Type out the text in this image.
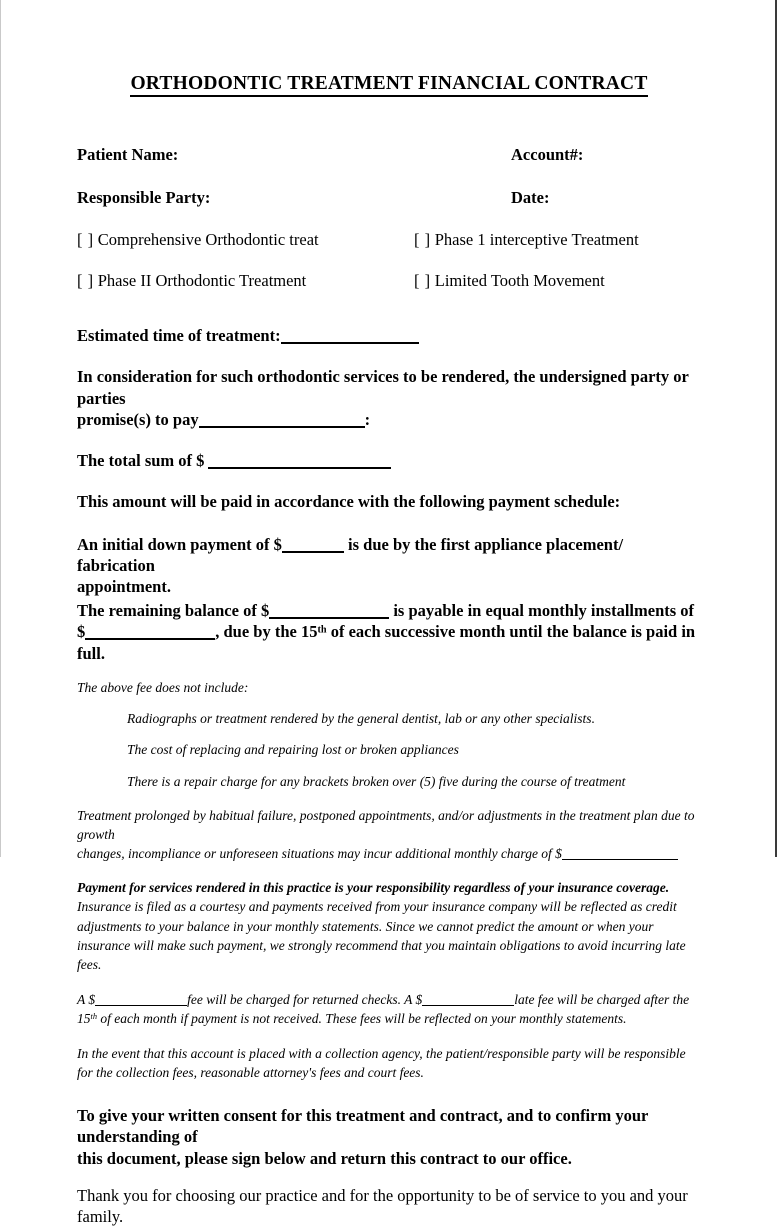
ORTHODONTIC TREATMENT FINANCIAL CONTRACT
Patient Name:	Account#:
Responsible Party:	Date:
[ ] Comprehensive Orthodontic treat	[ ] Phase 1 interceptive Treatment
[ ] Phase II Orthodontic Treatment	[ ] Limited Tooth Movement
Estimated time of treatment:
In consideration for such orthodontic services to be rendered, the undersigned party or parties
promise(s) to pay	:
The total sum of $
This amount will be paid in accordance with the following payment schedule:
An initial down payment of $	is due by the first appliance placement/ fabrication
appointment.
The remaining balance of $	is payable in equal monthly installments of
$	, due by the 15th of each successive month until the balance is paid in full.
The above fee does not include:
Radiographs or treatment rendered by the general dentist, lab or any other specialists.
The cost of replacing and repairing lost or broken appliances
There is a repair charge for any brackets broken over (5) five during the course of treatment
Treatment prolonged by habitual failure, postponed appointments, and/or adjustments in the treatment plan due to growth
changes, incompliance or unforeseen situations may incur additional monthly charge of $
Payment for services rendered in this practice is your responsibility regardless of your insurance coverage. Insurance is filed as a courtesy and payments received from your insurance company will be reflected as credit adjustments to your balance in your monthly statements. Since we cannot predict the amount or when your insurance will make such payment, we strongly recommend that you maintain obligations to avoid incurring late fees.
A $	fee will be charged for returned checks. A $	late fee will be charged after the 15th of each month if payment is not received. These fees will be reflected on your monthly statements.
In the event that this account is placed with a collection agency, the patient/responsible party will be responsible for the collection fees, reasonable attorney's fees and court fees.
To give your written consent for this treatment and contract, and to confirm your understanding of
this document, please sign below and return this contract to our office.
Thank you for choosing our practice and for the opportunity to be of service to you and your family.
